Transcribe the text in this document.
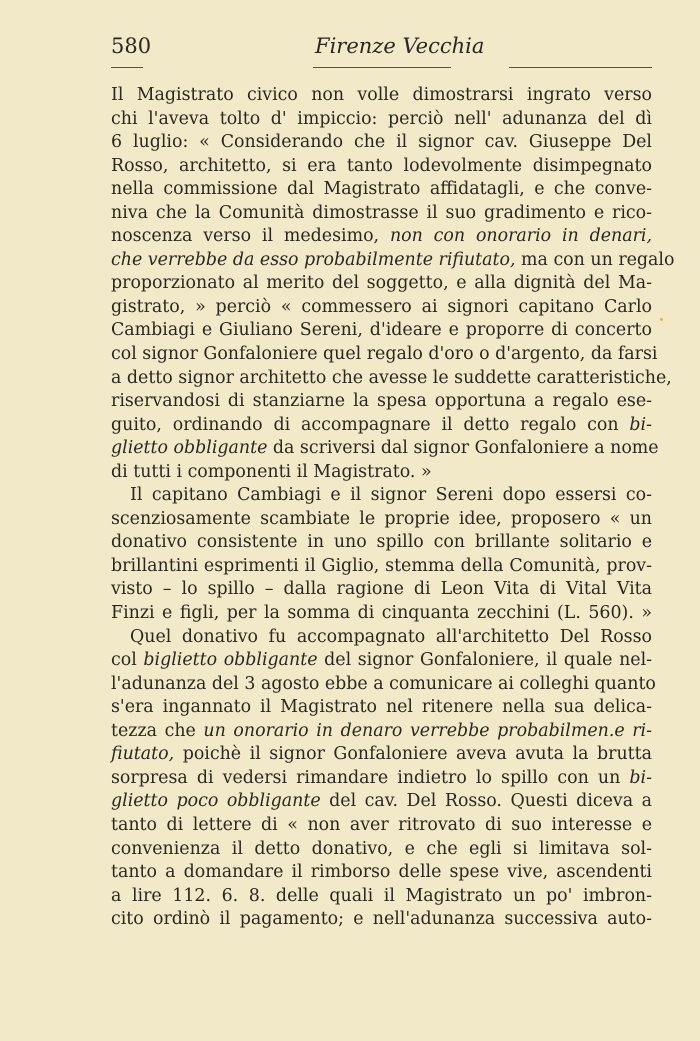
580	Firenze Vecchia
Il Magistrato civico non volle dimostrarsi ingrato verso
chi l'aveva tolto d' impiccio: perciò nell' adunanza del dì
6 luglio: « Considerando che il signor cav. Giuseppe Del
Rosso, architetto, si era tanto lodevolmente disimpegnato
nella commissione dal Magistrato affidatagli, e che conve-
niva che la Comunità dimostrasse il suo gradimento e rico-
noscenza verso il medesimo, non con onorario in denari,
che verrebbe da esso probabilmente rifiutato, ma con un regalo
proporzionato al merito del soggetto, e alla dignità del Ma-
gistrato, » perciò « commessero ai signori capitano Carlo
Cambiagi e Giuliano Sereni, d'ideare e proporre di concerto
col signor Gonfaloniere quel regalo d'oro o d'argento, da farsi
a detto signor architetto che avesse le suddette caratteristiche,
riservandosi di stanziarne la spesa opportuna a regalo ese-
guito, ordinando di accompagnare il detto regalo con bi-
glietto obbligante da scriversi dal signor Gonfaloniere a nome
di tutti i componenti il Magistrato. »
Il capitano Cambiagi e il signor Sereni dopo essersi co-
scenziosamente scambiate le proprie idee, proposero « un
donativo consistente in uno spillo con brillante solitario e
brillantini esprimenti il Giglio, stemma della Comunità, prov-
visto – lo spillo – dalla ragione di Leon Vita di Vital Vita
Finzi e figli, per la somma di cinquanta zecchini (L. 560). »
Quel donativo fu accompagnato all'architetto Del Rosso
col biglietto obbligante del signor Gonfaloniere, il quale nel-
l'adunanza del 3 agosto ebbe a comunicare ai colleghi quanto
s'era ingannato il Magistrato nel ritenere nella sua delica-
tezza che un onorario in denaro verrebbe probabilmen.e ri-
fiutato, poichè il signor Gonfaloniere aveva avuta la brutta
sorpresa di vedersi rimandare indietro lo spillo con un bi-
glietto poco obbligante del cav. Del Rosso. Questi diceva a
tanto di lettere di « non aver ritrovato di suo interesse e
convenienza il detto donativo, e che egli si limitava sol-
tanto a domandare il rimborso delle spese vive, ascendenti
a lire 112. 6. 8. delle quali il Magistrato un po' imbron-
cito ordinò il pagamento; e nell'adunanza successiva auto-
